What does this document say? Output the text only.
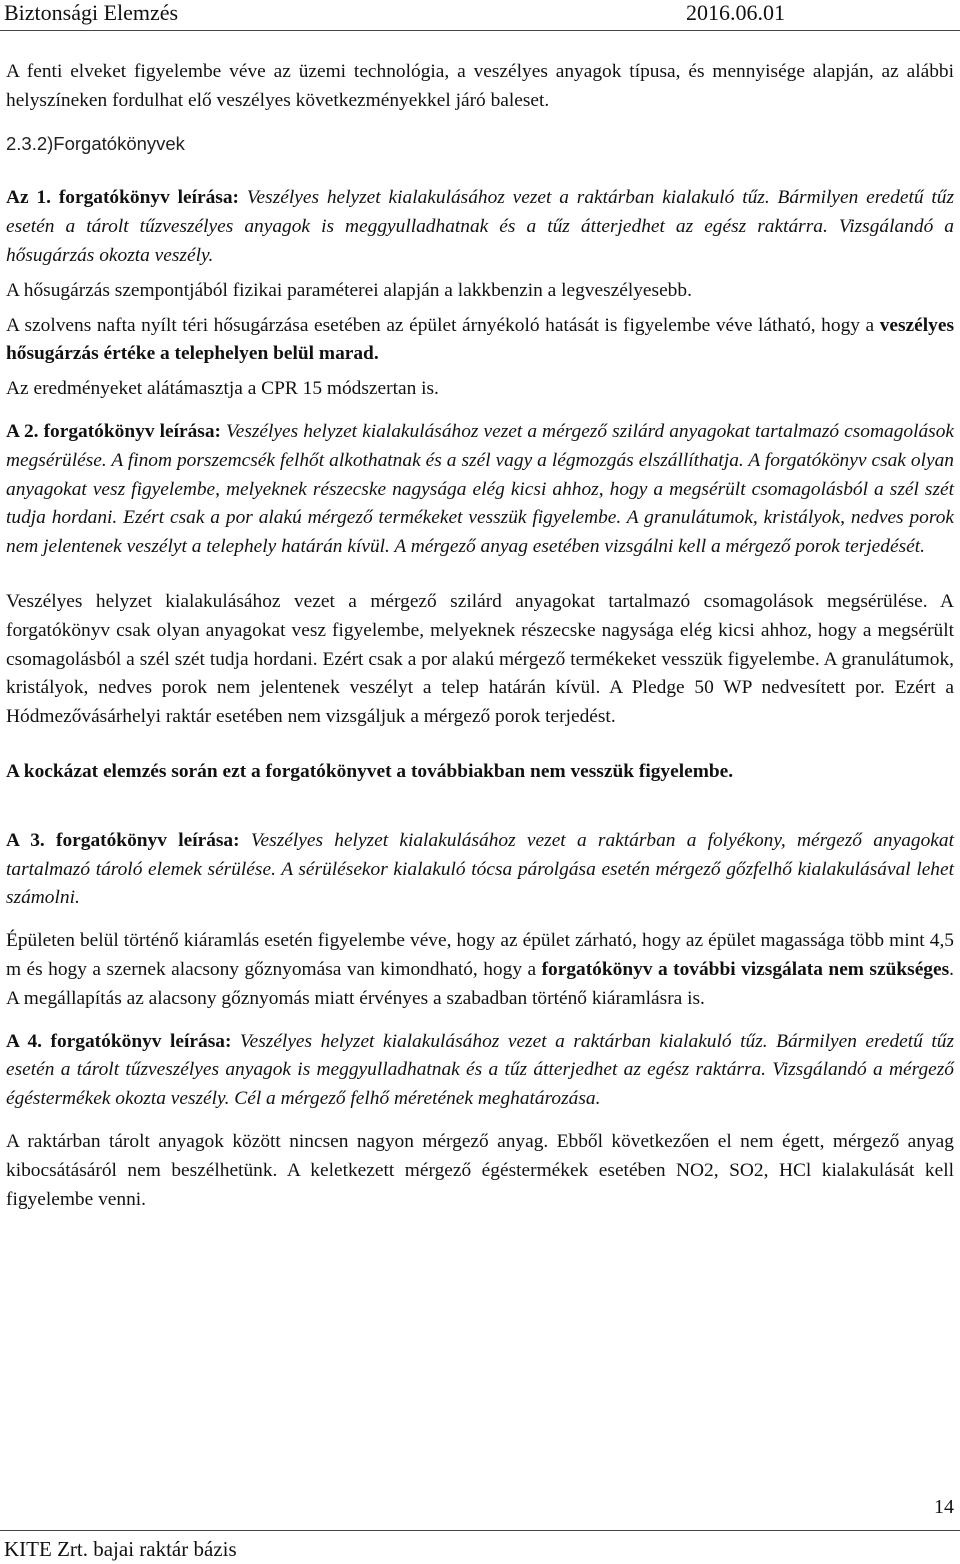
Biztonsági Elemzés	2016.06.01

A fenti elveket figyelembe véve az üzemi technológia, a veszélyes anyagok típusa, és mennyisége alapján, az alábbi helyszíneken fordulhat elő veszélyes következményekkel járó baleset.

2.3.2)Forgatókönyvek

Az 1. forgatókönyv leírása: Veszélyes helyzet kialakulásához vezet a raktárban kialakuló tűz. Bármilyen eredetű tűz esetén a tárolt tűzveszélyes anyagok is meggyulladhatnak és a tűz átterjedhet az egész raktárra. Vizsgálandó a hősugárzás okozta veszély.

A hősugárzás szempontjából fizikai paraméterei alapján a lakkbenzin a legveszélyesebb.

A szolvens nafta nyílt téri hősugárzása esetében az épület árnyékoló hatását is figyelembe véve látható, hogy a veszélyes hősugárzás értéke a telephelyen belül marad.

Az eredményeket alátámasztja a CPR 15 módszertan is.

A 2. forgatókönyv leírása: Veszélyes helyzet kialakulásához vezet a mérgező szilárd anyagokat tartalmazó csomagolások megsérülése. A finom porszemcsék felhőt alkothatnak és a szél vagy a légmozgás elszállíthatja. A forgatókönyv csak olyan anyagokat vesz figyelembe, melyeknek részecske nagysága elég kicsi ahhoz, hogy a megsérült csomagolásból a szél szét tudja hordani. Ezért csak a por alakú mérgező termékeket vesszük figyelembe. A granulátumok, kristályok, nedves porok nem jelentenek veszélyt a telephely határán kívül. A mérgező anyag esetében vizsgálni kell a mérgező porok terjedését.

Veszélyes helyzet kialakulásához vezet a mérgező szilárd anyagokat tartalmazó csomagolások megsérülése. A forgatókönyv csak olyan anyagokat vesz figyelembe, melyeknek részecske nagysága elég kicsi ahhoz, hogy a megsérült csomagolásból a szél szét tudja hordani. Ezért csak a por alakú mérgező termékeket vesszük figyelembe. A granulátumok, kristályok, nedves porok nem jelentenek veszélyt a telep határán kívül. A Pledge 50 WP nedvesített por. Ezért a Hódmezővásárhelyi raktár esetében nem vizsgáljuk a mérgező porok terjedést.

A kockázat elemzés során ezt a forgatókönyvet a továbbiakban nem vesszük figyelembe.

A 3. forgatókönyv leírása: Veszélyes helyzet kialakulásához vezet a raktárban a folyékony, mérgező anyagokat tartalmazó tároló elemek sérülése. A sérülésekor kialakuló tócsa párolgása esetén mérgező gőzfelhő kialakulásával lehet számolni.

Épületen belül történő kiáramlás esetén figyelembe véve, hogy az épület zárható, hogy az épület magassága több mint 4,5 m és hogy a szernek alacsony gőznyomása van kimondható, hogy a forgatókönyv a további vizsgálata nem szükséges. A megállapítás az alacsony gőznyomás miatt érvényes a szabadban történő kiáramlásra is.

A 4. forgatókönyv leírása: Veszélyes helyzet kialakulásához vezet a raktárban kialakuló tűz. Bármilyen eredetű tűz esetén a tárolt tűzveszélyes anyagok is meggyulladhatnak és a tűz átterjedhet az egész raktárra. Vizsgálandó a mérgező égéstermékek okozta veszély. Cél a mérgező felhő méretének meghatározása.

A raktárban tárolt anyagok között nincsen nagyon mérgező anyag. Ebből következően el nem égett, mérgező anyag kibocsátásáról nem beszélhetünk. A keletkezett mérgező égéstermékek esetében NO2, SO2, HCl kialakulását kell figyelembe venni.

14
KITE Zrt. bajai raktár bázis
